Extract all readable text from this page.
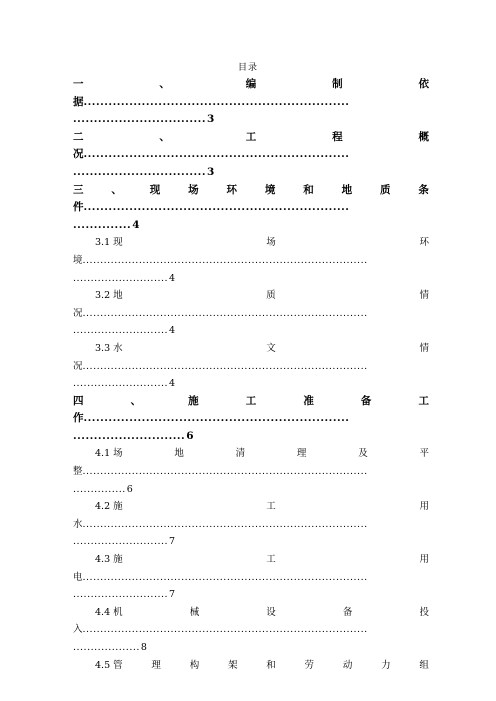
目录
一	、	编	制	依
据................................................................
................................3
二	、	工	程	概
况................................................................
................................3
三	、	现	场	环	境	和	地	质	条
件................................................................
..............4
3.1 现	场	环
境.................................................................................
...........................4
3.2 地	质	情
况.................................................................................
...........................4
3.3 水	文	情
况.................................................................................
...........................4
四	、	施	工	准	备	工
作................................................................
...........................6
4.1 场	地	清	理	及	平
整.................................................................................
...............6
4.2 施	工	用
水.................................................................................
...........................7
4.3 施	工	用
电.................................................................................
...........................7
4.4 机	械	设	备	投
入.................................................................................
...................8
4.5 管	理	构	架	和	劳	动	力	组
